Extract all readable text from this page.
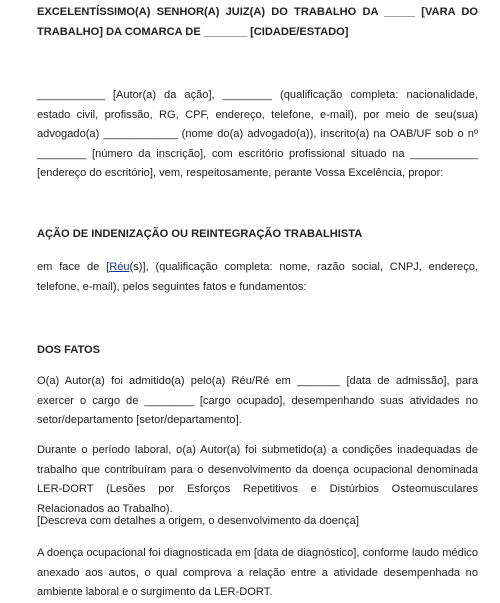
EXCELENTÍSSIMO(A) SENHOR(A) JUIZ(A) DO TRABALHO DA _____ [VARA DO TRABALHO] DA COMARCA DE _______ [CIDADE/ESTADO]

___________ [Autor(a) da ação], ________ (qualificação completa: nacionalidade, estado civil, profissão, RG, CPF, endereço, telefone, e-mail), por meio de seu(sua) advogado(a) ____________ (nome do(a) advogado(a)), inscrito(a) na OAB/UF sob o nº ________ [número da inscrição], com escritório profissional situado na ___________ [endereço do escritório], vem, respeitosamente, perante Vossa Excelência, propor:

AÇÃO DE INDENIZAÇÃO OU REINTEGRAÇÃO TRABALHISTA

em face de [Réu(s)], (qualificação completa: nome, razão social, CNPJ, endereço, telefone, e-mail), pelos seguintes fatos e fundamentos:

DOS FATOS

O(a) Autor(a) foi admitido(a) pelo(a) Réu/Ré em _______ [data de admissão], para exercer o cargo de ________ [cargo ocupado], desempenhando suas atividades no setor/departamento [setor/departamento].

Durante o período laboral, o(a) Autor(a) foi submetido(a) a condições inadequadas de trabalho que contribuíram para o desenvolvimento da doença ocupacional denominada LER-DORT (Lesões por Esforços Repetitivos e Distúrbios Osteomusculares Relacionados ao Trabalho).

[Descreva com detalhes a origem, o desenvolvimento da doença]

A doença ocupacional foi diagnosticada em [data de diagnóstico], conforme laudo médico anexado aos autos, o qual comprova a relação entre a atividade desempenhada no ambiente laboral e o surgimento da LER-DORT.
